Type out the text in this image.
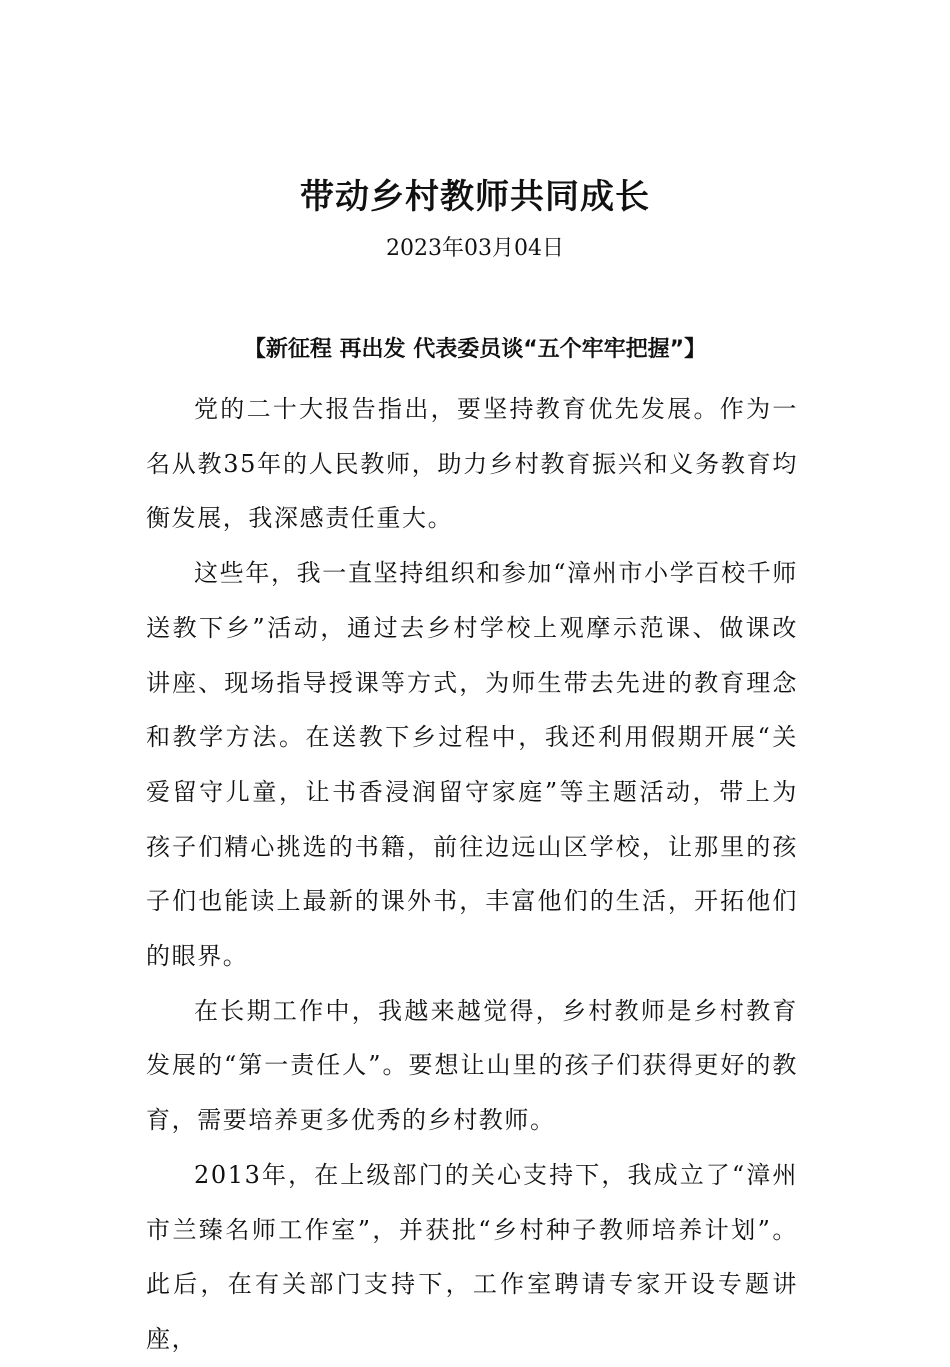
带动乡村教师共同成长
2023年03月04日
【新征程 再出发 代表委员谈“五个牢牢把握”】

党的二十大报告指出，要坚持教育优先发展。作为一名从教35年的人民教师，助力乡村教育振兴和义务教育均衡发展，我深感责任重大。

这些年，我一直坚持组织和参加“漳州市小学百校千师送教下乡”活动，通过去乡村学校上观摩示范课、做课改讲座、现场指导授课等方式，为师生带去先进的教育理念和教学方法。在送教下乡过程中，我还利用假期开展“关爱留守儿童，让书香浸润留守家庭”等主题活动，带上为孩子们精心挑选的书籍，前往边远山区学校，让那里的孩子们也能读上最新的课外书，丰富他们的生活，开拓他们的眼界。

在长期工作中，我越来越觉得，乡村教师是乡村教育发展的“第一责任人”。要想让山里的孩子们获得更好的教育，需要培养更多优秀的乡村教师。

2013年，在上级部门的关心支持下，我成立了“漳州市兰臻名师工作室”，并获批“乡村种子教师培养计划”。此后，在有关部门支持下，工作室聘请专家开设专题讲座，
